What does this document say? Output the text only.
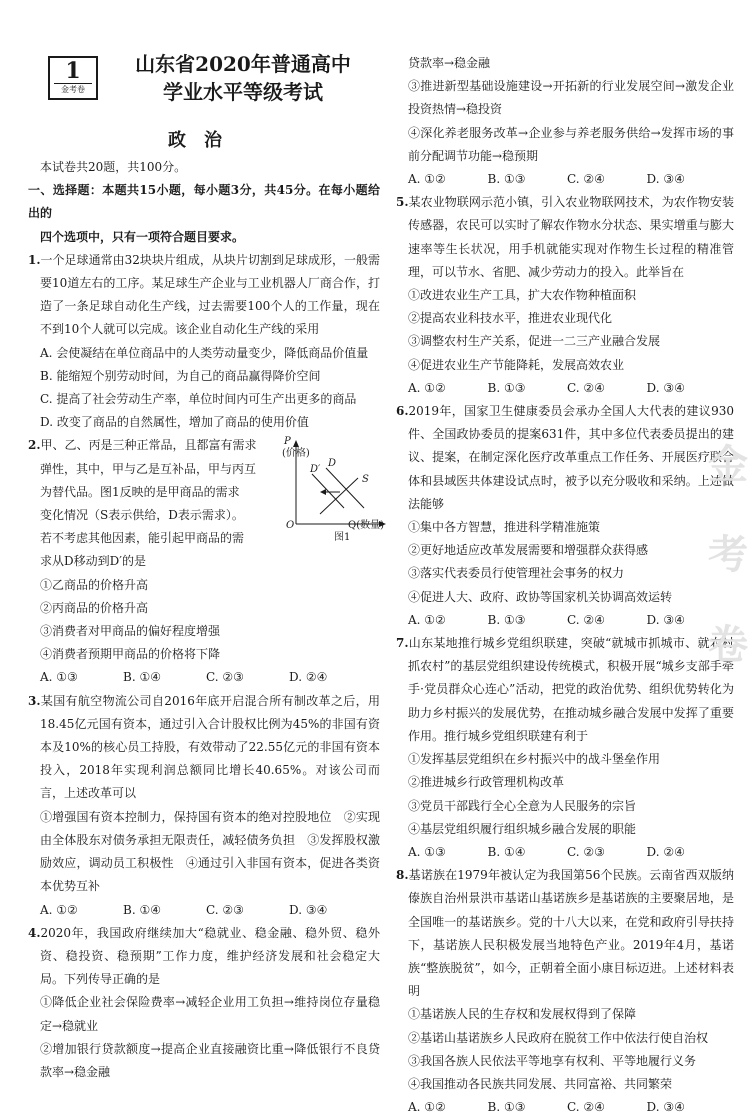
1
金考卷
山东省2020年普通高中
学业水平等级考试
政治

本试卷共20题，共100分。

一、选择题：本题共15小题，每小题3分，共45分。在每小题给出的

四个选项中，只有一项符合题目要求。

1.一个足球通常由32块块片组成，从块片切割到足球成形，一般需要10道左右的工序。某足球生产企业与工业机器人厂商合作，打造了一条足球自动化生产线，过去需要100个人的工作量，现在不到10个人就可以完成。该企业自动化生产线的采用

A. 会使凝结在单位商品中的人类劳动量变少，降低商品价值量

B. 能缩短个别劳动时间，为自己的商品赢得降价空间

C. 提高了社会劳动生产率，单位时间内可生产出更多的商品

D. 改变了商品的自然属性，增加了商品的使用价值

2.甲、乙、丙是三种正常品，且都富有需求

弹性，其中，甲与乙是互补品，甲与丙互

为替代品。图1反映的是甲商品的需求

变化情况（S表示供给，D表示需求）。

若不考虑其他因素，能引起甲商品的需

求从D移动到D′的是

P
(价格)
O	Q(数量)
D′
D
S
图1

①乙商品的价格升高

②丙商品的价格升高

③消费者对甲商品的偏好程度增强

④消费者预期甲商品的价格将下降

A. ①③	B. ①④	C. ②③	D. ②④

3.某国有航空物流公司自2016年底开启混合所有制改革之后，用18.45亿元国有资本，通过引入合计股权比例为45%的非国有资本及10%的核心员工持股，有效带动了22.55亿元的非国有资本投入，2018年实现利润总额同比增长40.65%。对该公司而言，上述改革可以

①增强国有资本控制力，保持国有资本的绝对控股地位　②实现由全体股东对债务承担无限责任，减轻债务负担　③发挥股权激励效应，调动员工积极性　④通过引入非国有资本，促进各类资本优势互补

A. ①②	B. ①④	C. ②③	D. ③④

4.2020年，我国政府继续加大“稳就业、稳金融、稳外贸、稳外资、稳投资、稳预期”工作力度，维护经济发展和社会稳定大局。下列传导正确的是

①降低企业社会保险费率→减轻企业用工负担→维持岗位存量稳定→稳就业

②增加银行贷款额度→提高企业直接融资比重→降低银行不良贷款率→稳金融

贷款率→稳金融

③推进新型基础设施建设→开拓新的行业发展空间→激发企业投资热情→稳投资

④深化养老服务改革→企业参与养老服务供给→发挥市场的事前分配调节功能→稳预期

A. ①②	B. ①③	C. ②④	D. ③④

5.某农业物联网示范小镇，引入农业物联网技术，为农作物安装传感器，农民可以实时了解农作物水分状态、果实增重与膨大速率等生长状况，用手机就能实现对作物生长过程的精准管理，可以节水、省肥、减少劳动力的投入。此举旨在

①改进农业生产工具，扩大农作物种植面积

②提高农业科技水平，推进农业现代化

③调整农村生产关系，促进一二三产业融合发展

④促进农业生产节能降耗，发展高效农业

A. ①②	B. ①③	C. ②④	D. ③④

6.2019年，国家卫生健康委员会承办全国人大代表的建议930件、全国政协委员的提案631件，其中多位代表委员提出的建议、提案，在制定深化医疗改革重点工作任务、开展医疗联合体和县域医共体建设试点时，被予以充分吸收和采纳。上述做法能够

①集中各方智慧，推进科学精准施策

②更好地适应改革发展需要和增强群众获得感

③落实代表委员行使管理社会事务的权力

④促进人大、政府、政协等国家机关协调高效运转

A. ①②	B. ①③	C. ②④	D. ③④

7.山东某地推行城乡党组织联建，突破“就城市抓城市、就农村抓农村”的基层党组织建设传统模式，积极开展“城乡支部手牵手·党员群众心连心”活动，把党的政治优势、组织优势转化为助力乡村振兴的发展优势，在推动城乡融合发展中发挥了重要作用。推行城乡党组织联建有利于

①发挥基层党组织在乡村振兴中的战斗堡垒作用

②推进城乡行政管理机构改革

③党员干部践行全心全意为人民服务的宗旨

④基层党组织履行组织城乡融合发展的职能

A. ①③	B. ①④	C. ②③	D. ②④

8.基诺族在1979年被认定为我国第56个民族。云南省西双版纳傣族自治州景洪市基诺山基诺族乡是基诺族的主要聚居地，是全国唯一的基诺族乡。党的十八大以来，在党和政府引导扶持下，基诺族人民积极发展当地特色产业。2019年4月，基诺族“整族脱贫”，如今，正朝着全面小康目标迈进。上述材料表明

①基诺族人民的生存权和发展权得到了保障

②基诺山基诺族乡人民政府在脱贫工作中依法行使自治权

③我国各族人民依法平等地享有权利、平等地履行义务

④我国推动各民族共同发展、共同富裕、共同繁荣

A. ①②	B. ①③	C. ②④	D. ③④
金
考
卷
